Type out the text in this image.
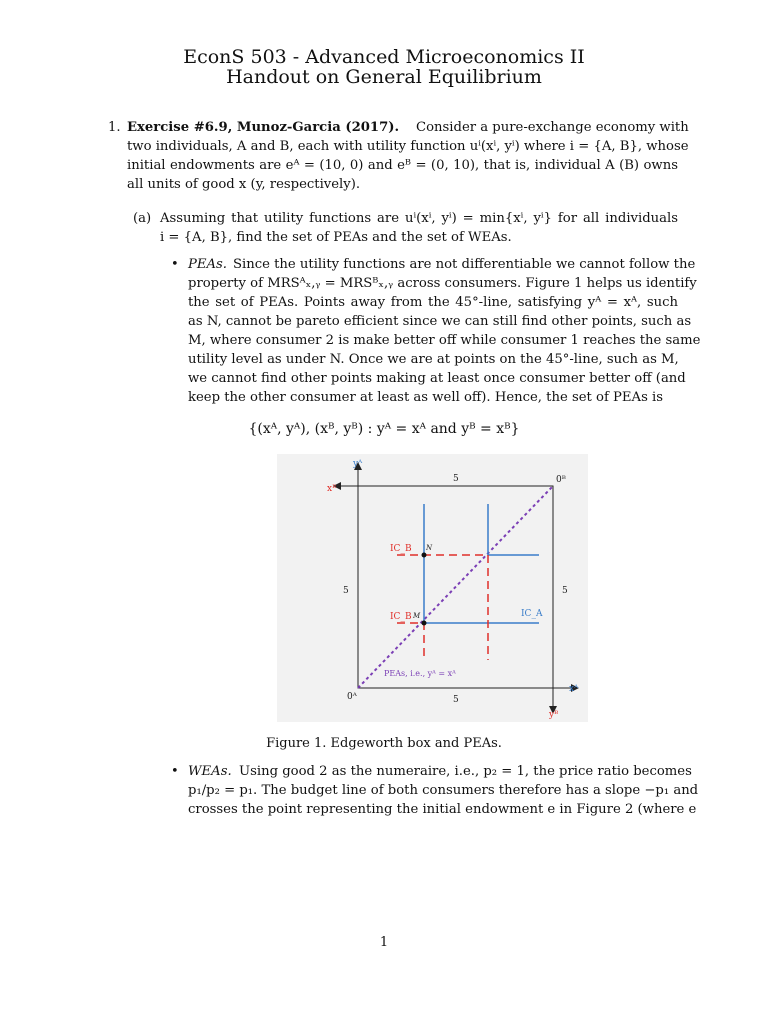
EconS 503 - Advanced Microeconomics II
Handout on General Equilibrium
1. Exercise #6.9, Munoz-Garcia (2017). Consider a pure-exchange economy with
two individuals, A and B, each with utility function uⁱ(xⁱ, yⁱ) where i = {A, B}, whose
initial endowments are eᴬ = (10, 0) and eᴮ = (0, 10), that is, individual A (B) owns
all units of good x (y, respectively).
(a) Assuming that utility functions are uⁱ(xⁱ, yⁱ) = min{xⁱ, yⁱ} for all individuals
i = {A, B}, find the set of PEAs and the set of WEAs.
• PEAs. Since the utility functions are not differentiable we cannot follow the
property of MRSᴬₓ,ᵧ = MRSᴮₓ,ᵧ across consumers. Figure 1 helps us identify
the set of PEAs. Points away from the 45°-line, satisfying yᴬ = xᴬ, such
as N, cannot be pareto efficient since we can still find other points, such as
M, where consumer 2 is make better off while consumer 1 reaches the same
utility level as under N. Once we are at points on the 45°-line, such as M,
we cannot find other points making at least once consumer better off (and
keep the other consumer at least as well off). Hence, the set of PEAs is
{(xᴬ, yᴬ), (xᴮ, yᴮ) : yᴬ = xᴬ and yᴮ = xᴮ}
yᴬ
xᴮ
0ᴮ
0ᴬ
xᴬ
yᴮ
5
5
5	5
IC_B
IC_B	IC_A
N
M
PEAs, i.e., yᴬ = xᴬ
Figure 1. Edgeworth box and PEAs.
• WEAs. Using good 2 as the numeraire, i.e., p₂ = 1, the price ratio becomes
p₁/p₂ = p₁. The budget line of both consumers therefore has a slope −p₁ and
crosses the point representing the initial endowment e in Figure 2 (where e
1
